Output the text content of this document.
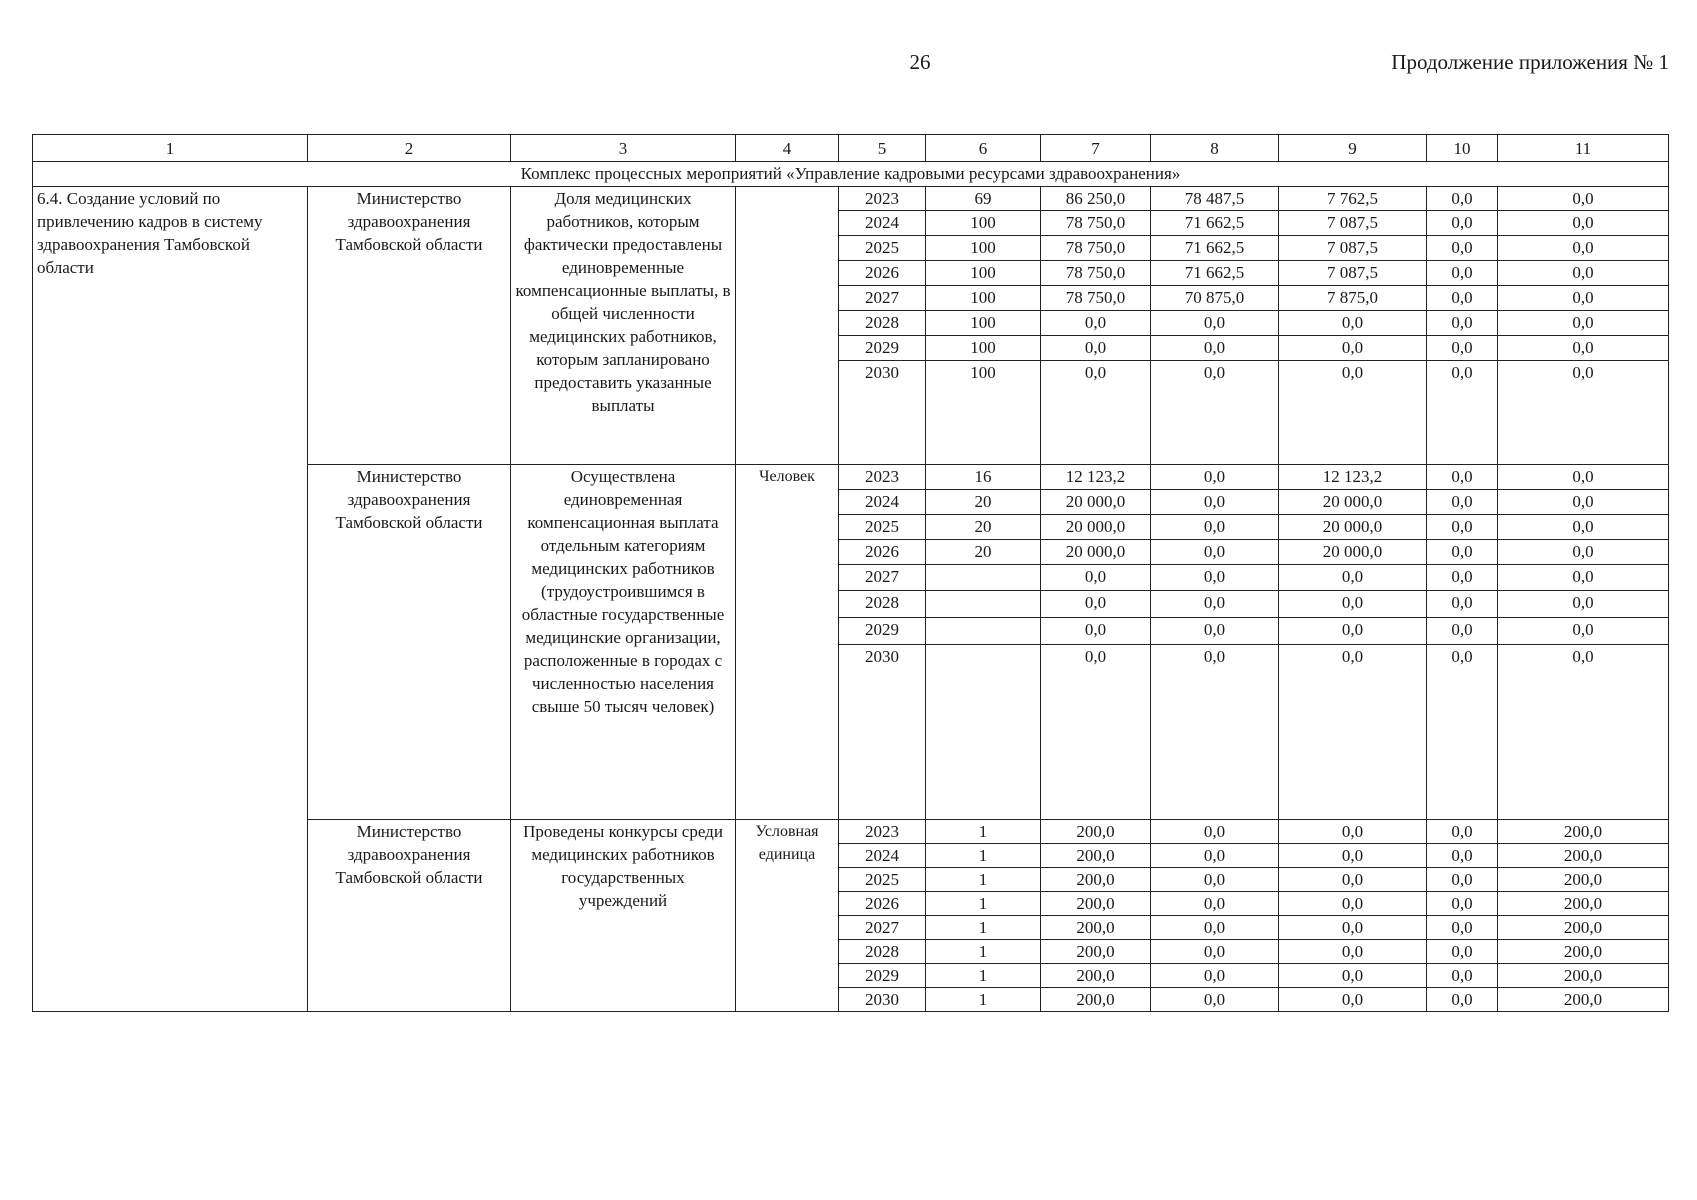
26	Продолжение приложения № 1
1	2	3	4	5	6	7	8	9	10	11
Комплекс процессных мероприятий «Управление кадровыми ресурсами здравоохранения»										
6.4. Создание условий по привлечению кадров в систему здравоохранения Тамбовской области	Министерство здравоохранения Тамбовской области	Доля медицинских работников, которым фактически предоставлены единовременные компенсационные выплаты, в общей численности медицинских работников, которым запланировано предоставить указанные выплаты		2023	69	86 250,0	78 487,5	7 762,5	0,0	0,0
				2024	100	78 750,0	71 662,5	7 087,5	0,0	0,0
				2025	100	78 750,0	71 662,5	7 087,5	0,0	0,0
				2026	100	78 750,0	71 662,5	7 087,5	0,0	0,0
				2027	100	78 750,0	70 875,0	7 875,0	0,0	0,0
				2028	100	0,0	0,0	0,0	0,0	0,0
				2029	100	0,0	0,0	0,0	0,0	0,0
				2030	100	0,0	0,0	0,0	0,0	0,0
	Министерство здравоохранения Тамбовской области	Осуществлена единовременная компенсационная выплата отдельным категориям медицинских работников (трудоустроившимся в областные государственные медицинские организации, расположенные в городах с численностью населения свыше 50 тысяч человек)	Человек	2023	16	12 123,2	0,0	12 123,2	0,0	0,0
				2024	20	20 000,0	0,0	20 000,0	0,0	0,0
				2025	20	20 000,0	0,0	20 000,0	0,0	0,0
				2026	20	20 000,0	0,0	20 000,0	0,0	0,0
				2027		0,0	0,0	0,0	0,0	0,0
				2028		0,0	0,0	0,0	0,0	0,0
				2029		0,0	0,0	0,0	0,0	0,0
				2030		0,0	0,0	0,0	0,0	0,0
	Министерство здравоохранения Тамбовской области	Проведены конкурсы среди медицинских работников государственных учреждений	Условная единица	2023	1	200,0	0,0	0,0	0,0	200,0
				2024	1	200,0	0,0	0,0	0,0	200,0
				2025	1	200,0	0,0	0,0	0,0	200,0
				2026	1	200,0	0,0	0,0	0,0	200,0
				2027	1	200,0	0,0	0,0	0,0	200,0
				2028	1	200,0	0,0	0,0	0,0	200,0
				2029	1	200,0	0,0	0,0	0,0	200,0
				2030	1	200,0	0,0	0,0	0,0	200,0
